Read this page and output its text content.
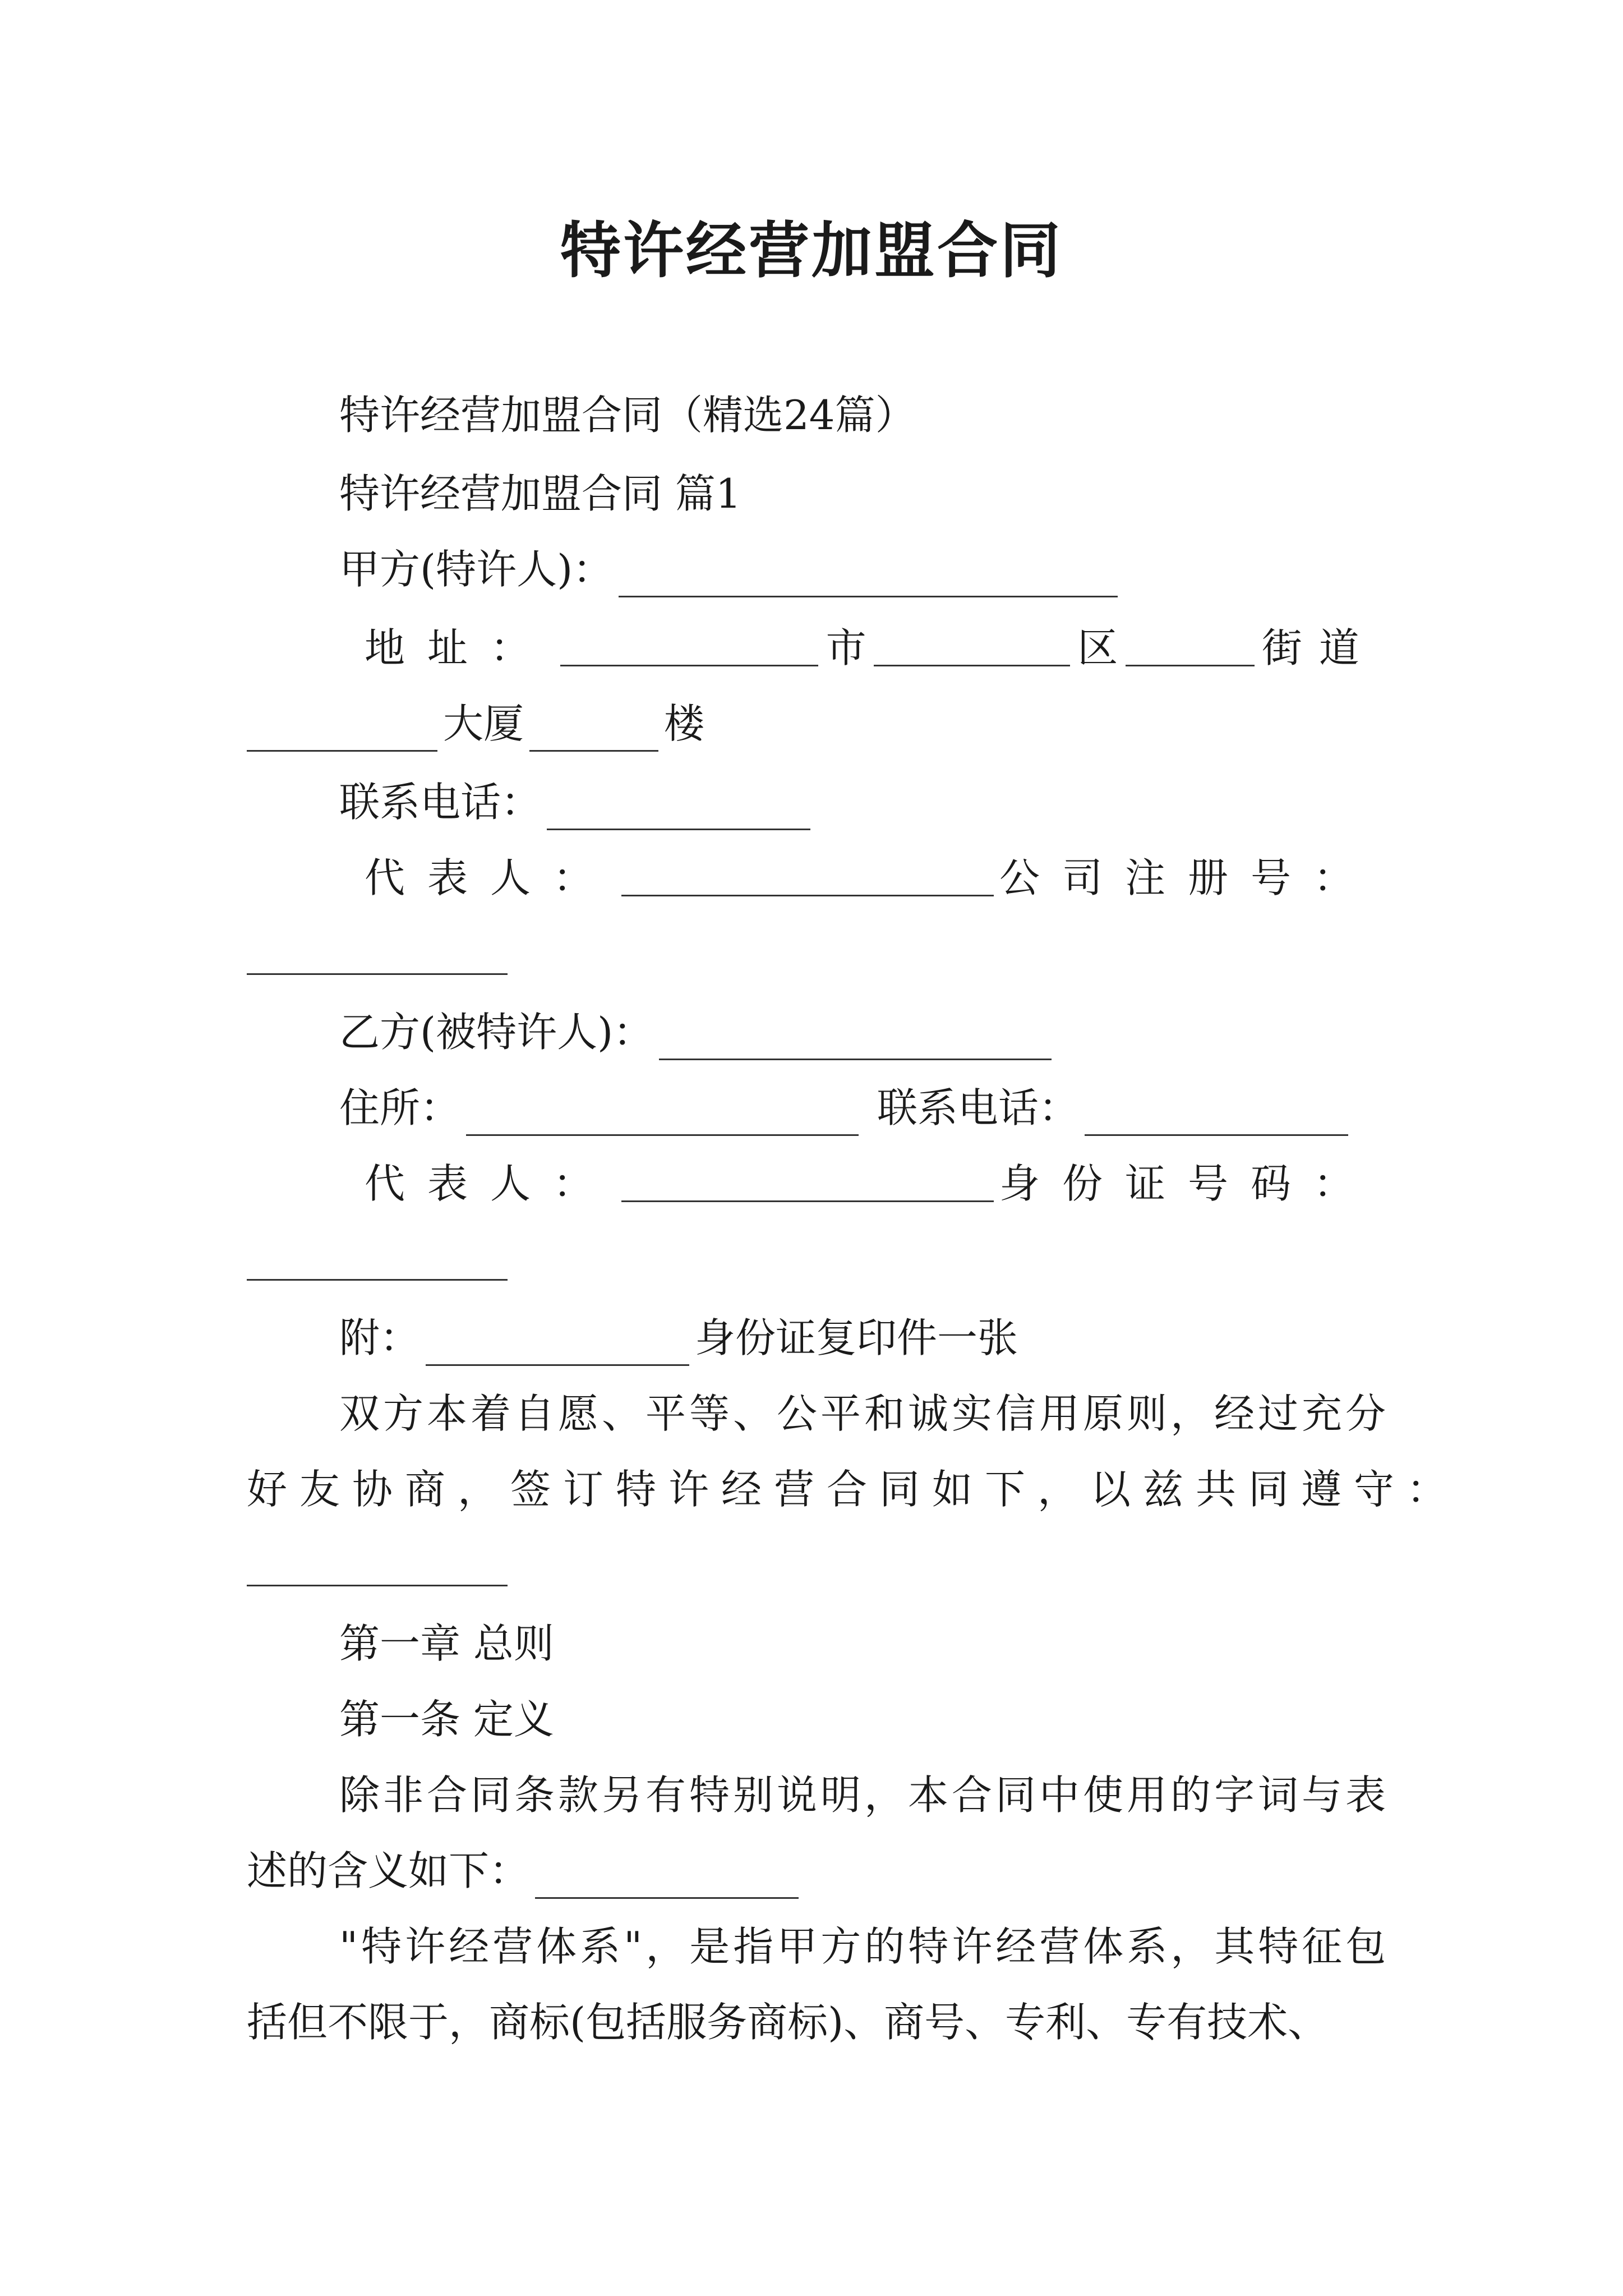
特许经营加盟合同
特许经营加盟合同（精选24篇）
特许经营加盟合同 篇1
甲方(特许人)：
地址：	市	区	街道
大厦	楼
联系电话：
代表人：	公司注册号：
乙方(被特许人)：
住所：	联系电话：
代表人：	身份证号码：
附：	身份证复印件一张
双方本着自愿、平等、公平和诚实信用原则，经过充分
好友协商，签订特许经营合同如下，以兹共同遵守：
第一章 总则
第一条 定义
除非合同条款另有特别说明，本合同中使用的字词与表
述的含义如下：
"特许经营体系"，是指甲方的特许经营体系，其特征包
括但不限于，商标(包括服务商标)、商号、专利、专有技术、
